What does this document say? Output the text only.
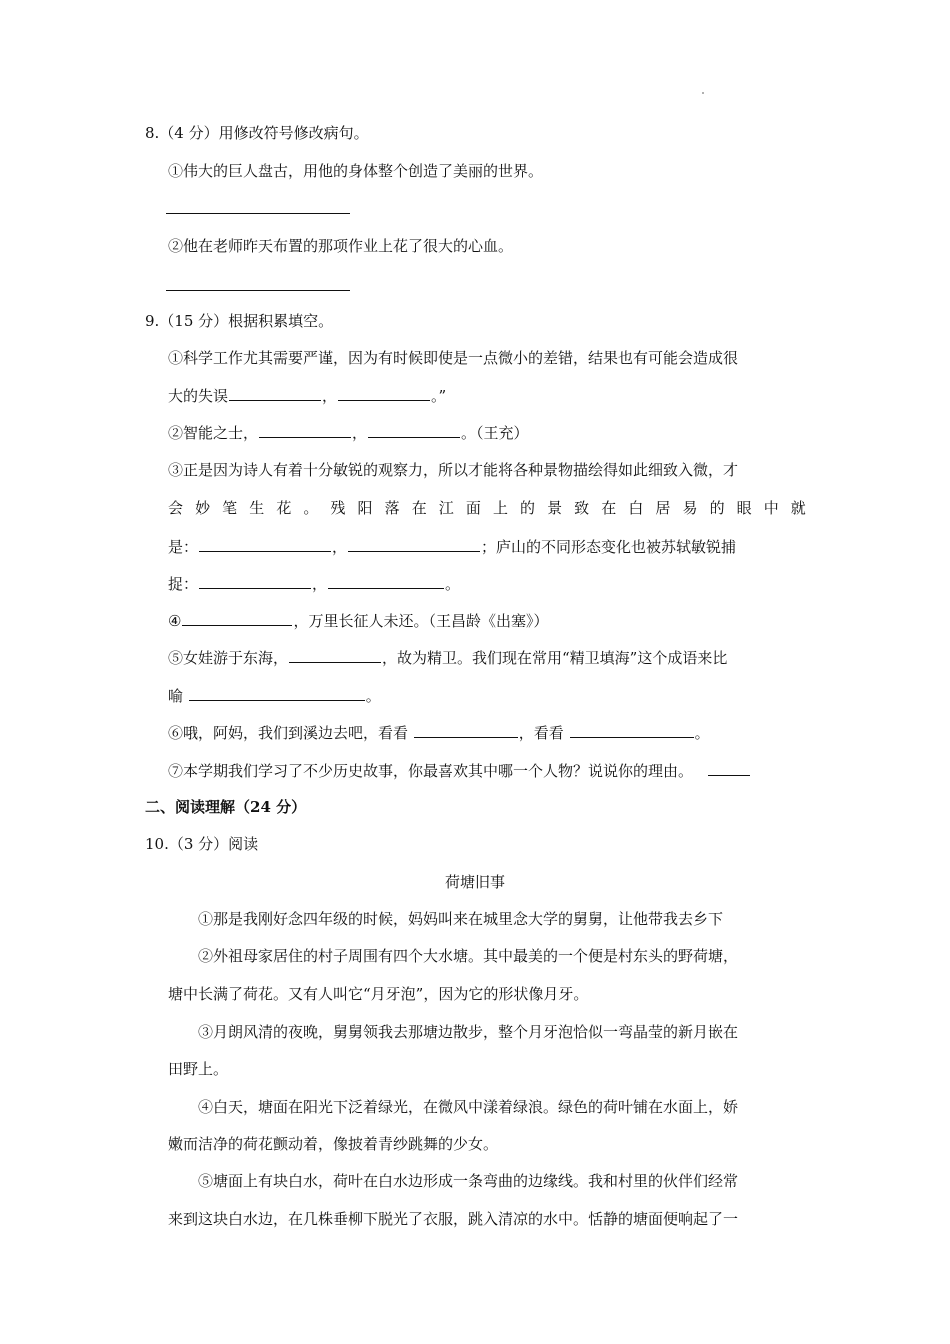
8.（4 分）用修改符号修改病句。
①伟大的巨人盘古，用他的身体整个创造了美丽的世界。
②他在老师昨天布置的那项作业上花了很大的心血。
9.（15 分）根据积累填空。
①科学工作尤其需要严谨，因为有时候即使是一点微小的差错，结果也有可能会造成很
大的失误	，	。”
②智能之士，	，	。（王充）
③正是因为诗人有着十分敏锐的观察力，所以才能将各种景物描绘得如此细致入微，才
会 妙 笔 生 花 。 残 阳 落 在 江 面 上 的 景 致 在 白 居 易 的 眼 中 就
是：	，	；庐山的不同形态变化也被苏轼敏锐捕
捉：	，	。
④	，万里长征人未还。（王昌龄《出塞》）
⑤女娃游于东海，	，故为精卫。我们现在常用“精卫填海”这个成语来比
喻	。
⑥哦，阿妈，我们到溪边去吧，看看	，看看	。
⑦本学期我们学习了不少历史故事，你最喜欢其中哪一个人物？说说你的理由。
二、阅读理解（24 分）
10.（3 分）阅读
荷塘旧事
①那是我刚好念四年级的时候，妈妈叫来在城里念大学的舅舅，让他带我去乡下
②外祖母家居住的村子周围有四个大水塘。其中最美的一个便是村东头的野荷塘，
塘中长满了荷花。又有人叫它“月牙泡”，因为它的形状像月牙。
③月朗风清的夜晚，舅舅领我去那塘边散步，整个月牙泡恰似一弯晶莹的新月嵌在
田野上。
④白天，塘面在阳光下泛着绿光，在微风中漾着绿浪。绿色的荷叶铺在水面上，娇
嫩而洁净的荷花颤动着，像披着青纱跳舞的少女。
⑤塘面上有块白水，荷叶在白水边形成一条弯曲的边缘线。我和村里的伙伴们经常
来到这块白水边，在几株垂柳下脱光了衣服，跳入清凉的水中。恬静的塘面便响起了一
